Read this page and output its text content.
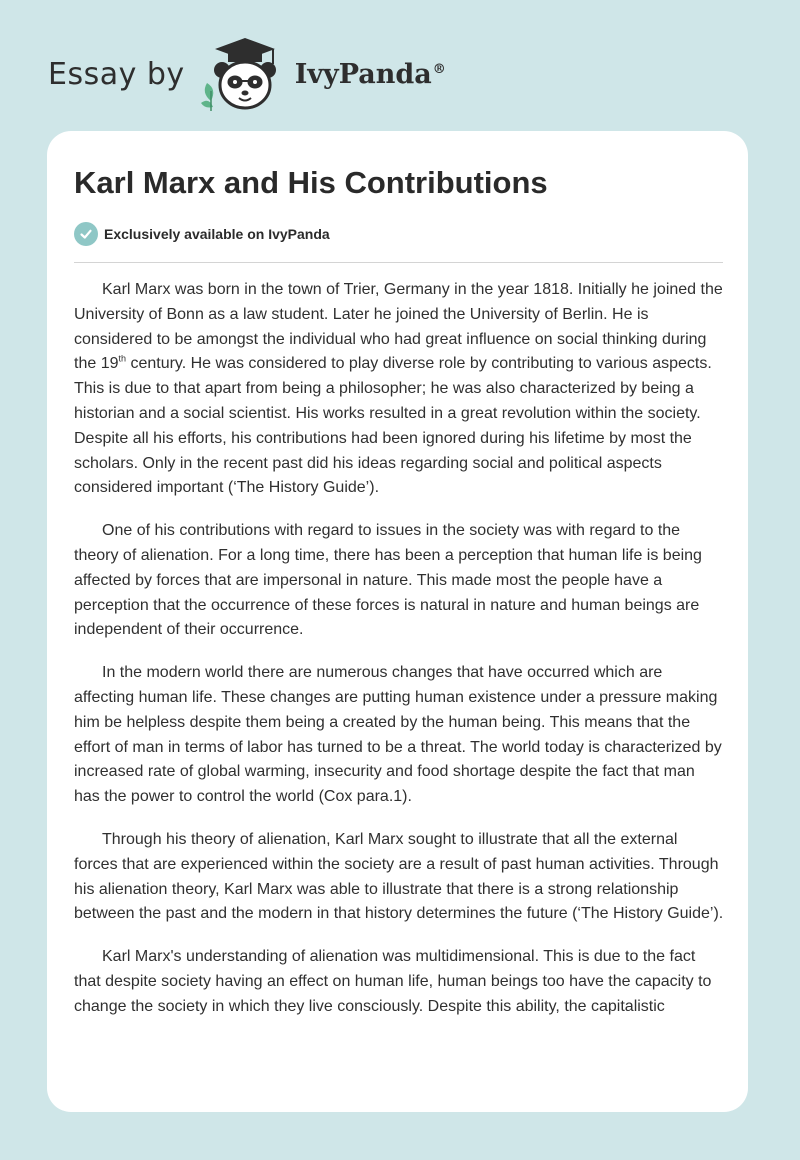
Essay by	IvyPanda®
Karl Marx and His Contributions
Exclusively available on IvyPanda

Karl Marx was born in the town of Trier, Germany in the year 1818. Initially he joined the University of Bonn as a law student. Later he joined the University of Berlin. He is considered to be amongst the individual who had great influence on social thinking during the 19th century. He was considered to play diverse role by contributing to various aspects. This is due to that apart from being a philosopher; he was also characterized by being a historian and a social scientist. His works resulted in a great revolution within the society. Despite all his efforts, his contributions had been ignored during his lifetime by most the scholars. Only in the recent past did his ideas regarding social and political aspects considered important (‘The History Guide’).

One of his contributions with regard to issues in the society was with regard to the theory of alienation. For a long time, there has been a perception that human life is being affected by forces that are impersonal in nature. This made most the people have a perception that the occurrence of these forces is natural in nature and human beings are independent of their occurrence.

In the modern world there are numerous changes that have occurred which are affecting human life. These changes are putting human existence under a pressure making him be helpless despite them being a created by the human being. This means that the effort of man in terms of labor has turned to be a threat. The world today is characterized by increased rate of global warming, insecurity and food shortage despite the fact that man has the power to control the world (Cox para.1).

Through his theory of alienation, Karl Marx sought to illustrate that all the external forces that are experienced within the society are a result of past human activities. Through his alienation theory, Karl Marx was able to illustrate that there is a strong relationship between the past and the modern in that history determines the future (‘The History Guide’).

Karl Marx's understanding of alienation was multidimensional. This is due to the fact that despite society having an effect on human life, human beings too have the capacity to change the society in which they live consciously. Despite this ability, the capitalistic
